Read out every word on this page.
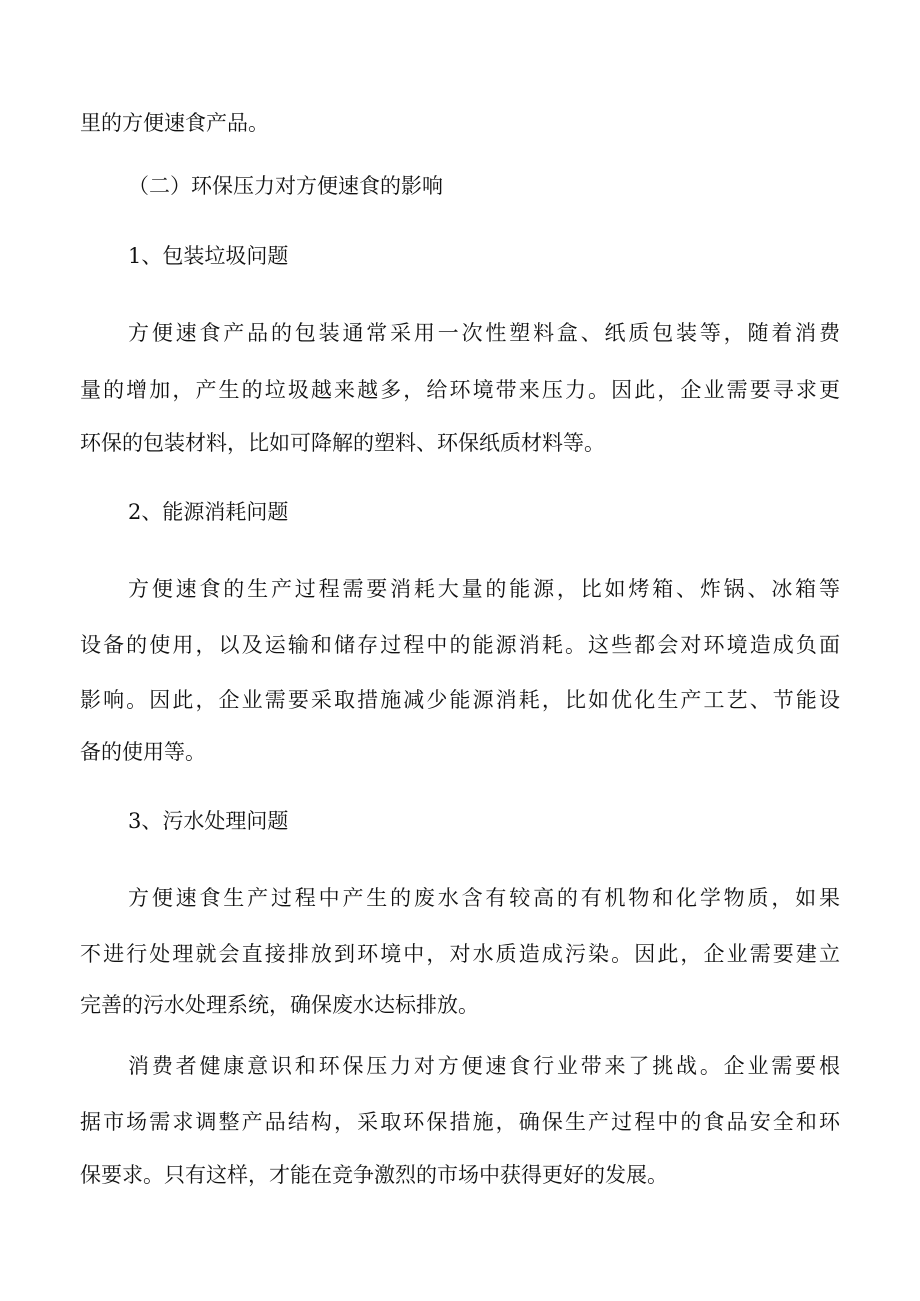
里的方便速食产品。
（二）环保压力对方便速食的影响
1、包装垃圾问题
方便速食产品的包装通常采用一次性塑料盒、纸质包装等，随着消费
量的增加，产生的垃圾越来越多，给环境带来压力。因此，企业需要寻求更
环保的包装材料，比如可降解的塑料、环保纸质材料等。
2、能源消耗问题
方便速食的生产过程需要消耗大量的能源，比如烤箱、炸锅、冰箱等
设备的使用，以及运输和储存过程中的能源消耗。这些都会对环境造成负面
影响。因此，企业需要采取措施减少能源消耗，比如优化生产工艺、节能设
备的使用等。
3、污水处理问题
方便速食生产过程中产生的废水含有较高的有机物和化学物质，如果
不进行处理就会直接排放到环境中，对水质造成污染。因此，企业需要建立
完善的污水处理系统，确保废水达标排放。
消费者健康意识和环保压力对方便速食行业带来了挑战。企业需要根
据市场需求调整产品结构，采取环保措施，确保生产过程中的食品安全和环
保要求。只有这样，才能在竞争激烈的市场中获得更好的发展。
